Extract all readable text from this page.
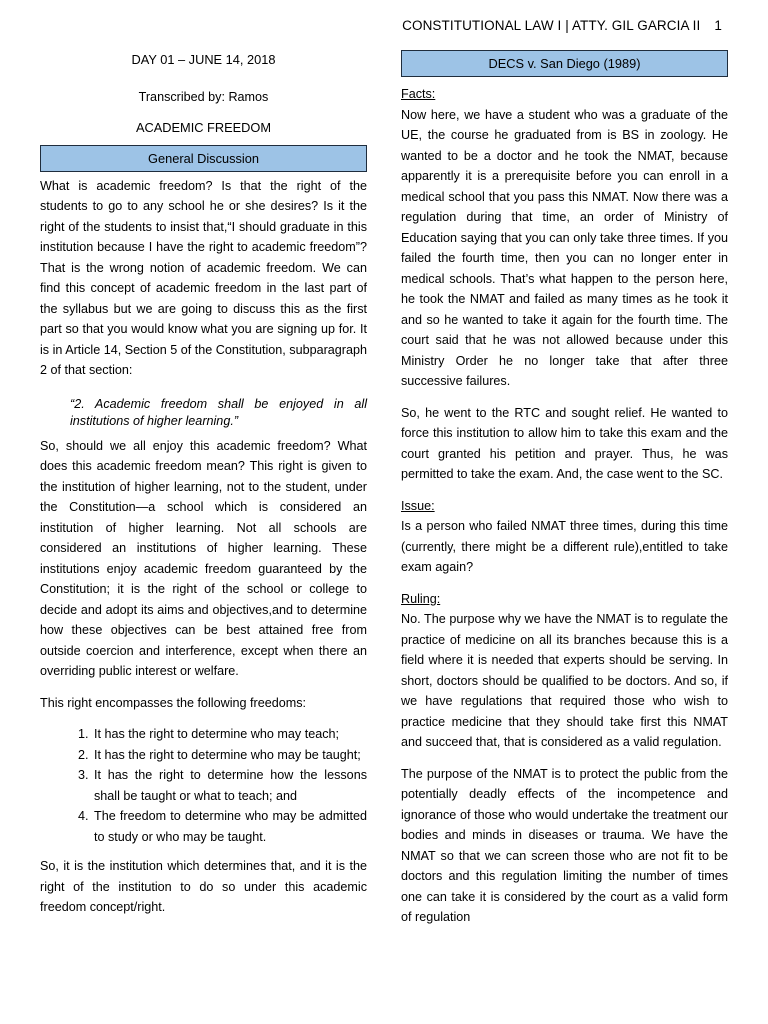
CONSTITUTIONAL LAW I | ATTY. GIL GARCIA II 1
DAY 01 – JUNE 14, 2018
Transcribed by: Ramos
ACADEMIC FREEDOM
General Discussion

What is academic freedom? Is that the right of the students to go to any school he or she desires? Is it the right of the students to insist that,“I should graduate in this institution because I have the right to academic freedom”? That is the wrong notion of academic freedom. We can find this concept of academic freedom in the last part of the syllabus but we are going to discuss this as the first part so that you would know what you are signing up for. It is in Article 14, Section 5 of the Constitution, subparagraph 2 of that section:

“2. Academic freedom shall be enjoyed in all institutions of higher learning.”

So, should we all enjoy this academic freedom? What does this academic freedom mean? This right is given to the institution of higher learning, not to the student, under the Constitution—a school which is considered an institution of higher learning. Not all schools are considered an institutions of higher learning. These institutions enjoy academic freedom guaranteed by the Constitution; it is the right of the school or college to decide and adopt its aims and objectives,and to determine how these objectives can be best attained free from outside coercion and interference, except when there an overriding public interest or welfare.

This right encompasses the following freedoms:

1. It has the right to determine who may teach;
2. It has the right to determine who may be taught;
3. It has the right to determine how the lessons shall be taught or what to teach; and
4. The freedom to determine who may be admitted to study or who may be taught.

So, it is the institution which determines that, and it is the right of the institution to do so under this academic freedom concept/right.

DECS v. San Diego (1989)

Facts:

Now here, we have a student who was a graduate of the UE, the course he graduated from is BS in zoology. He wanted to be a doctor and he took the NMAT, because apparently it is a prerequisite before you can enroll in a medical school that you pass this NMAT. Now there was a regulation during that time, an order of Ministry of Education saying that you can only take three times. If you failed the fourth time, then you can no longer enter in medical schools. That’s what happen to the person here, he took the NMAT and failed as many times as he took it and so he wanted to take it again for the fourth time. The court said that he was not allowed because under this Ministry Order he no longer take that after three successive failures.

So, he went to the RTC and sought relief. He wanted to force this institution to allow him to take this exam and the court granted his petition and prayer. Thus, he was permitted to take the exam. And, the case went to the SC.

Issue:

Is a person who failed NMAT three times, during this time (currently, there might be a different rule),entitled to take exam again?

Ruling:

No. The purpose why we have the NMAT is to regulate the practice of medicine on all its branches because this is a field where it is needed that experts should be serving. In short, doctors should be qualified to be doctors. And so, if we have regulations that required those who wish to practice medicine that they should take first this NMAT and succeed that, that is considered as a valid regulation.

The purpose of the NMAT is to protect the public from the potentially deadly effects of the incompetence and ignorance of those who would undertake the treatment our bodies and minds in diseases or trauma. We have the NMAT so that we can screen those who are not fit to be doctors and this regulation limiting the number of times one can take it is considered by the court as a valid form of regulation
